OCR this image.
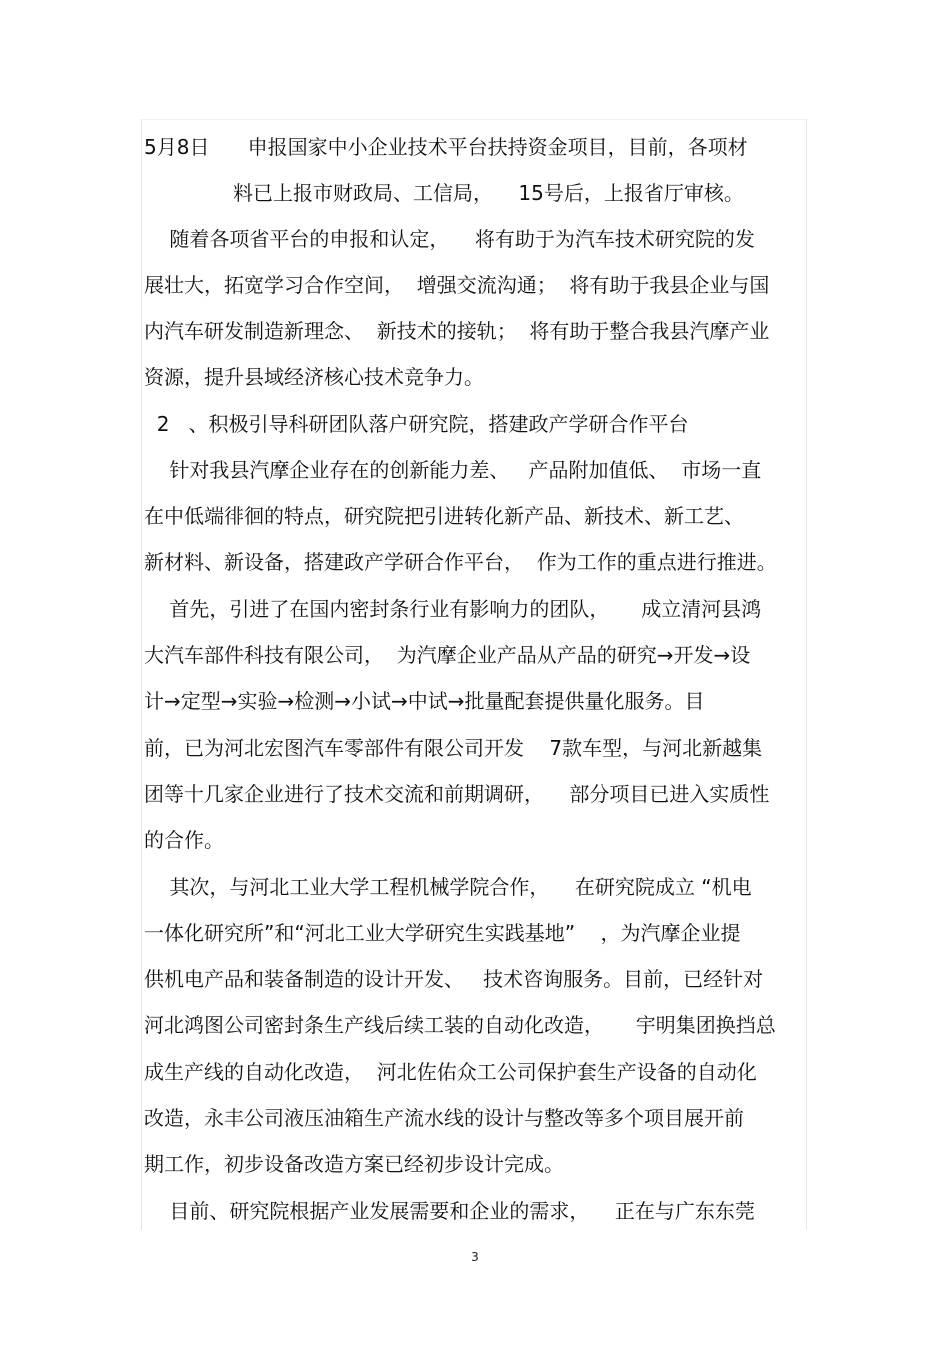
5月8日      申报国家中小企业技术平台扶持资金项目，目前，各项材
料已上报市财政局、工信局，    15号后，上报省厅审核。
随着各项省平台的申报和认定，    将有助于为汽车技术研究院的发
展壮大，拓宽学习合作空间，  增强交流沟通；  将有助于我县企业与国
内汽车研发制造新理念、  新技术的接轨；  将有助于整合我县汽摩产业
资源，提升县域经济核心技术竞争力。
2   、积极引导科研团队落户研究院，搭建政产学研合作平台
针对我县汽摩企业存在的创新能力差、   产品附加值低、  市场一直
在中低端徘徊的特点，研究院把引进转化新产品、新技术、新工艺、
新材料、新设备，搭建政产学研合作平台，  作为工作的重点进行推进。
首先，引进了在国内密封条行业有影响力的团队，     成立清河县鸿
大汽车部件科技有限公司，  为汽摩企业产品从产品的研究→开发→设
计→定型→实验→检测→小试→中试→批量配套提供量化服务。目
前，已为河北宏图汽车零部件有限公司开发    7款车型，与河北新越集
团等十几家企业进行了技术交流和前期调研，    部分项目已进入实质性
的合作。
其次，与河北工业大学工程机械学院合作，    在研究院成立 “机电
一体化研究所”和“河北工业大学研究生实践基地”    ，为汽摩企业提
供机电产品和装备制造的设计开发、   技术咨询服务。目前，已经针对
河北鸿图公司密封条生产线后续工装的自动化改造，     宇明集团换挡总
成生产线的自动化改造，  河北佐佑众工公司保护套生产设备的自动化
改造，永丰公司液压油箱生产流水线的设计与整改等多个项目展开前
期工作，初步设备改造方案已经初步设计完成。
目前、研究院根据产业发展需要和企业的需求，    正在与广东东莞
3
